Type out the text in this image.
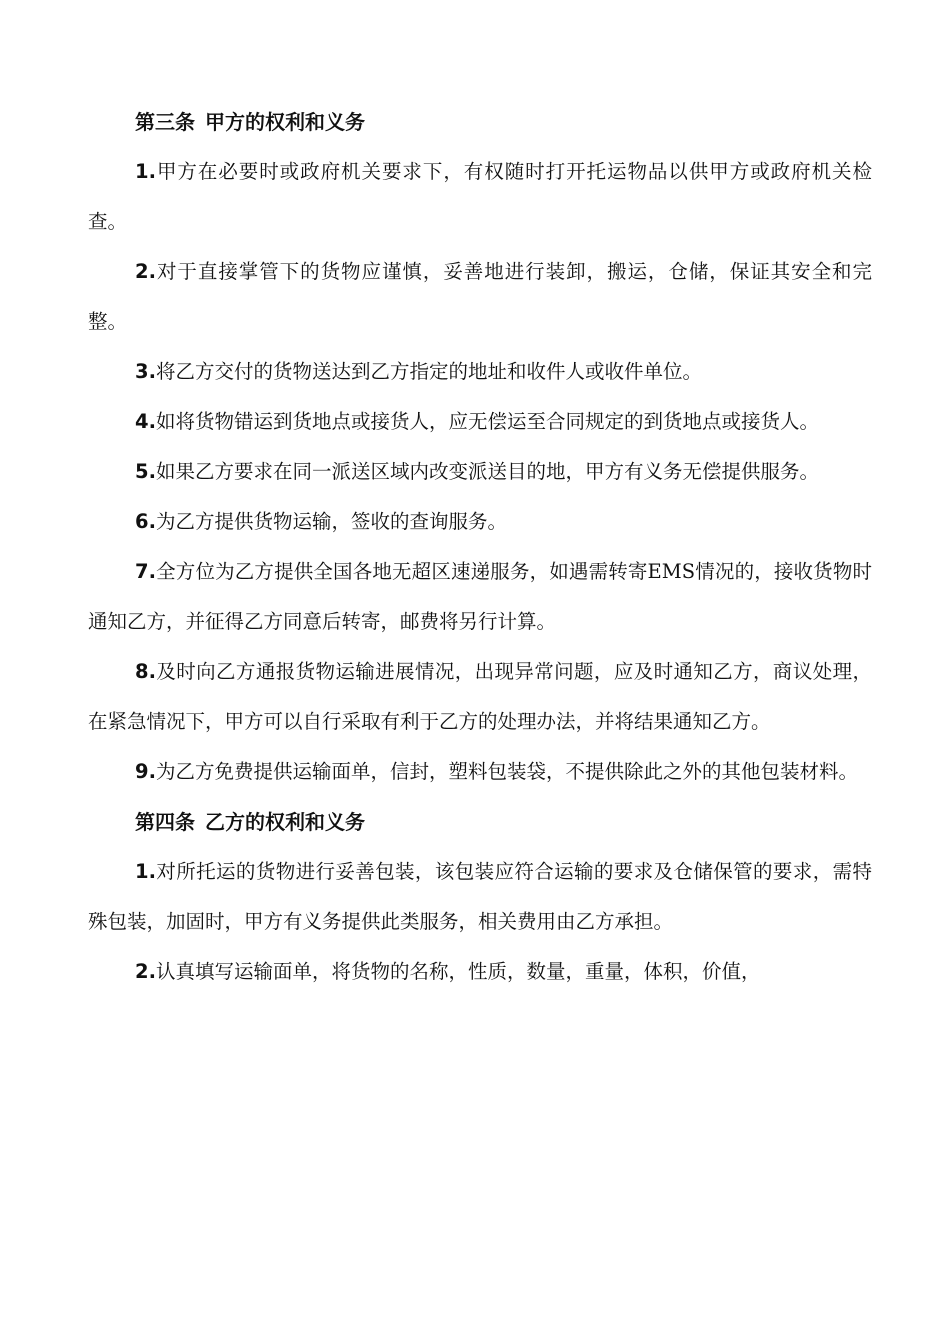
第三条 甲方的权利和义务

1.甲方在必要时或政府机关要求下，有权随时打开托运物品以供甲方或政府机关检查。

2.对于直接掌管下的货物应谨慎，妥善地进行装卸，搬运，仓储，保证其安全和完整。

3.将乙方交付的货物送达到乙方指定的地址和收件人或收件单位。

4.如将货物错运到货地点或接货人，应无偿运至合同规定的到货地点或接货人。

5.如果乙方要求在同一派送区域内改变派送目的地，甲方有义务无偿提供服务。

6.为乙方提供货物运输，签收的查询服务。

7.全方位为乙方提供全国各地无超区速递服务，如遇需转寄EMS情况的，接收货物时通知乙方，并征得乙方同意后转寄，邮费将另行计算。

8.及时向乙方通报货物运输进展情况，出现异常问题，应及时通知乙方，商议处理，在紧急情况下，甲方可以自行采取有利于乙方的处理办法，并将结果通知乙方。

9.为乙方免费提供运输面单，信封，塑料包装袋，不提供除此之外的其他包装材料。

第四条 乙方的权利和义务

1.对所托运的货物进行妥善包装，该包装应符合运输的要求及仓储保管的要求，需特殊包装，加固时，甲方有义务提供此类服务，相关费用由乙方承担。

2.认真填写运输面单，将货物的名称，性质，数量，重量，体积，价值，
